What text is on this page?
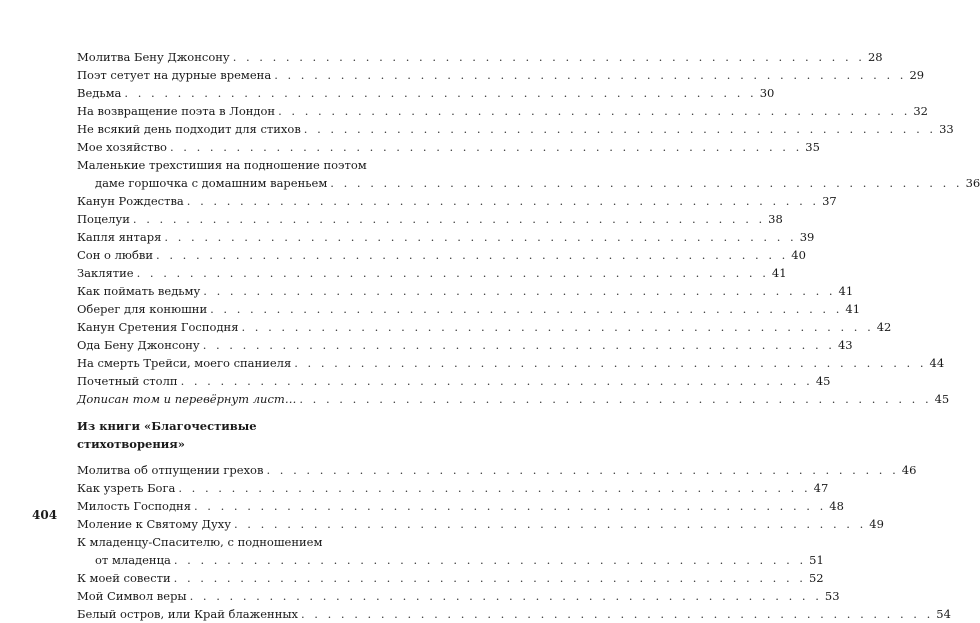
404
Молитва Бену Джонсону . . . . . . . . . . . . . . . . . . . . . . . . . . . . . . . . . . . . . . . . . . . . . . . . 28
Поэт сетует на дурные времена . . . . . . . . . . . . . . . . . . . . . . . . . . . . . . . . . . . . . . . . . . . . . . . . 29
Ведьма . . . . . . . . . . . . . . . . . . . . . . . . . . . . . . . . . . . . . . . . . . . . . . . . 30
На возвращение поэта в Лондон . . . . . . . . . . . . . . . . . . . . . . . . . . . . . . . . . . . . . . . . . . . . . . . . 32
Не всякий день подходит для стихов . . . . . . . . . . . . . . . . . . . . . . . . . . . . . . . . . . . . . . . . . . . . . . . . 33
Мое хозяйство . . . . . . . . . . . . . . . . . . . . . . . . . . . . . . . . . . . . . . . . . . . . . . . . 35
Маленькие трехстишия на подношение поэтом
даме горшочка с домашним вареньем . . . . . . . . . . . . . . . . . . . . . . . . . . . . . . . . . . . . . . . . . . . . . . . . 36
Канун Рождества . . . . . . . . . . . . . . . . . . . . . . . . . . . . . . . . . . . . . . . . . . . . . . . . 37
Поцелуи . . . . . . . . . . . . . . . . . . . . . . . . . . . . . . . . . . . . . . . . . . . . . . . . 38
Капля янтаря . . . . . . . . . . . . . . . . . . . . . . . . . . . . . . . . . . . . . . . . . . . . . . . . 39
Сон о любви . . . . . . . . . . . . . . . . . . . . . . . . . . . . . . . . . . . . . . . . . . . . . . . . 40
Заклятие . . . . . . . . . . . . . . . . . . . . . . . . . . . . . . . . . . . . . . . . . . . . . . . . 41
Как поймать ведьму . . . . . . . . . . . . . . . . . . . . . . . . . . . . . . . . . . . . . . . . . . . . . . . . 41
Оберег для конюшни . . . . . . . . . . . . . . . . . . . . . . . . . . . . . . . . . . . . . . . . . . . . . . . . 41
Канун Сретения Господня . . . . . . . . . . . . . . . . . . . . . . . . . . . . . . . . . . . . . . . . . . . . . . . . 42
Ода Бену Джонсону . . . . . . . . . . . . . . . . . . . . . . . . . . . . . . . . . . . . . . . . . . . . . . . . 43
На смерть Трейси, моего спаниеля . . . . . . . . . . . . . . . . . . . . . . . . . . . . . . . . . . . . . . . . . . . . . . . . 44
Почетный столп . . . . . . . . . . . . . . . . . . . . . . . . . . . . . . . . . . . . . . . . . . . . . . . . 45
Дописан том и перевёрнут лист… . . . . . . . . . . . . . . . . . . . . . . . . . . . . . . . . . . . . . . . . . . . . . . . . 45
Из книги «Благочестивые стихотворения»
Молитва об отпущении грехов . . . . . . . . . . . . . . . . . . . . . . . . . . . . . . . . . . . . . . . . . . . . . . . . 46
Как узреть Бога . . . . . . . . . . . . . . . . . . . . . . . . . . . . . . . . . . . . . . . . . . . . . . . . 47
Милость Господня . . . . . . . . . . . . . . . . . . . . . . . . . . . . . . . . . . . . . . . . . . . . . . . . 48
Моление к Святому Духу . . . . . . . . . . . . . . . . . . . . . . . . . . . . . . . . . . . . . . . . . . . . . . . . 49
К младенцу-Спасителю, с подношением
от младенца . . . . . . . . . . . . . . . . . . . . . . . . . . . . . . . . . . . . . . . . . . . . . . . . 51
К моей совести . . . . . . . . . . . . . . . . . . . . . . . . . . . . . . . . . . . . . . . . . . . . . . . . 52
Мой Символ веры . . . . . . . . . . . . . . . . . . . . . . . . . . . . . . . . . . . . . . . . . . . . . . . . 53
Белый остров, или Край блаженных . . . . . . . . . . . . . . . . . . . . . . . . . . . . . . . . . . . . . . . . . . . . . . . . 54
